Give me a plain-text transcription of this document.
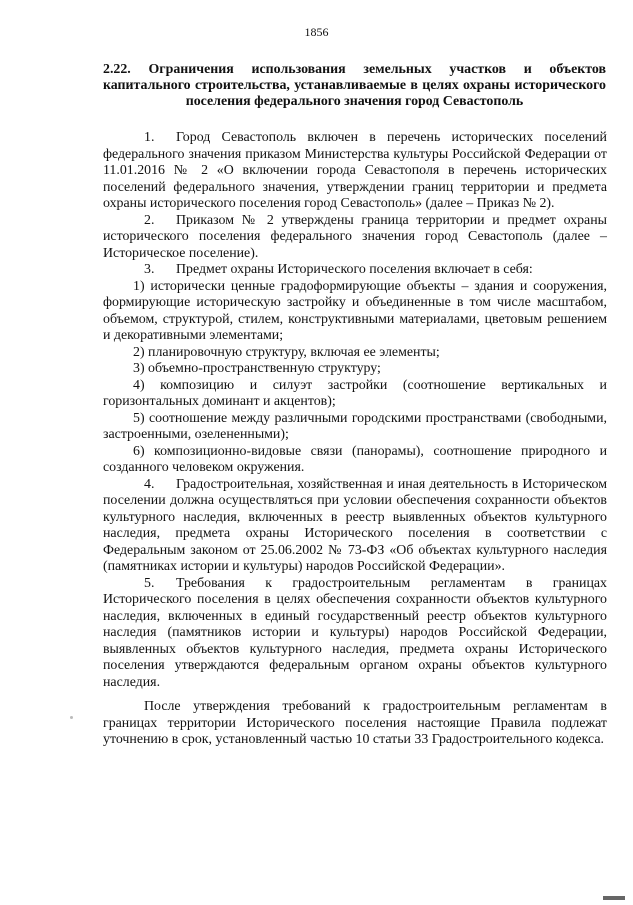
1856
2.22. Ограничения использования земельных участков и объектов капитального строительства, устанавливаемые в целях охраны исторического поселения федерального значения город Севастополь

1. Город Севастополь включен в перечень исторических поселений федерального значения приказом Министерства культуры Российской Федерации от 11.01.2016 № 2 «О включении города Севастополя в перечень исторических поселений федерального значения, утверждении границ территории и предмета охраны исторического поселения город Севастополь» (далее – Приказ № 2).

2. Приказом № 2 утверждены граница территории и предмет охраны исторического поселения федерального значения город Севастополь (далее – Историческое поселение).

3. Предмет охраны Исторического поселения включает в себя:

1) исторически ценные градоформирующие объекты – здания и сооружения, формирующие историческую застройку и объединенные в том числе масштабом, объемом, структурой, стилем, конструктивными материалами, цветовым решением и декоративными элементами;

2) планировочную структуру, включая ее элементы;

3) объемно-пространственную структуру;

4) композицию и силуэт застройки (соотношение вертикальных и горизонтальных доминант и акцентов);

5) соотношение между различными городскими пространствами (свободными, застроенными, озелененными);

6) композиционно-видовые связи (панорамы), соотношение природного и созданного человеком окружения.

4. Градостроительная, хозяйственная и иная деятельность в Историческом поселении должна осуществляться при условии обеспечения сохранности объектов культурного наследия, включенных в реестр выявленных объектов культурного наследия, предмета охраны Исторического поселения в соответствии с Федеральным законом от 25.06.2002 № 73-ФЗ «Об объектах культурного наследия (памятниках истории и культуры) народов Российской Федерации».

5. Требования к градостроительным регламентам в границах Исторического поселения в целях обеспечения сохранности объектов культурного наследия, включенных в единый государственный реестр объектов культурного наследия (памятников истории и культуры) народов Российской Федерации, выявленных объектов культурного наследия, предмета охраны Исторического поселения утверждаются федеральным органом охраны объектов культурного наследия.

После утверждения требований к градостроительным регламентам в границах территории Исторического поселения настоящие Правила подлежат уточнению в срок, установленный частью 10 статьи 33 Градостроительного кодекса.
